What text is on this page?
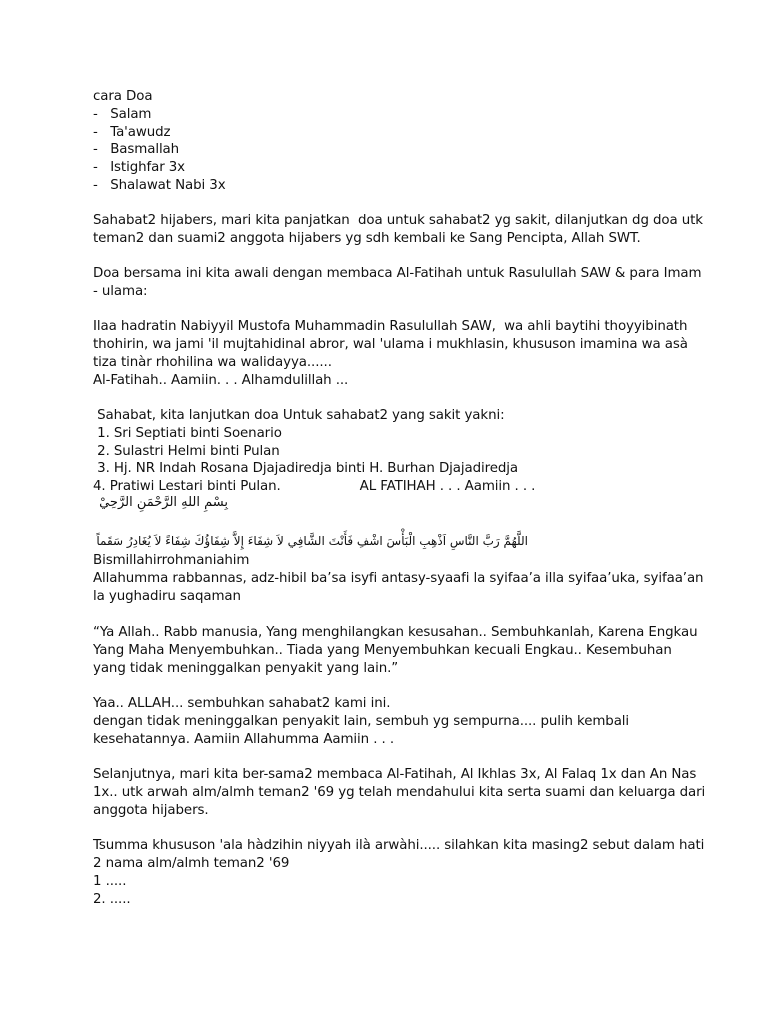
cara Doa
-   Salam
-   Ta'awudz
-   Basmallah
-   Istighfar 3x
-   Shalawat Nabi 3x
Sahabat2 hijabers, mari kita panjatkan  doa untuk sahabat2 yg sakit, dilanjutkan dg doa utk
teman2 dan suami2 anggota hijabers yg sdh kembali ke Sang Pencipta, Allah SWT.
Doa bersama ini kita awali dengan membaca Al-Fatihah untuk Rasulullah SAW & para Imam
- ulama:
Ilaa hadratin Nabiyyil Mustofa Muhammadin Rasulullah SAW,  wa ahli baytihi thoyyibinath
thohirin, wa jami 'il mujtahidinal abror, wal 'ulama i mukhlasin, khususon imamina wa asà
tiza tinàr rhohilina wa walidayya......
Al-Fatihah.. Aamiin. . . Alhamdulillah ...
Sahabat, kita lanjutkan doa Untuk sahabat2 yang sakit yakni:
1. Sri Septiati binti Soenario
2. Sulastri Helmi binti Pulan
3. Hj. NR Indah Rosana Djajadiredja binti H. Burhan Djajadiredja
4. Pratiwi Lestari binti Pulan.                   AL FATIHAH . . . Aamiin . . .
بِسْمِ اللهِ الرَّحْمَنِ الرَّحِيْ
اللَّهُمَّ رَبَّ النَّاسِ اَذْهِبِ الْبَأْسَ اشْفِ فَأَنْتَ الشَّافِي لاَ شِفَاءَ إِلاَّ شِفَاؤُكَ شِفَاءً لاَ يُغَادِرُ سَقَماً
Bismillahirrohmaniahim
Allahumma rabbannas, adz-hibil ba’sa isyfi antasy-syaafi la syifaa’a illa syifaa’uka, syifaa’an
la yughadiru saqaman
“Ya Allah.. Rabb manusia, Yang menghilangkan kesusahan.. Sembuhkanlah, Karena Engkau
Yang Maha Menyembuhkan.. Tiada yang Menyembuhkan kecuali Engkau.. Kesembuhan
yang tidak meninggalkan penyakit yang lain.”
Yaa.. ALLAH... sembuhkan sahabat2 kami ini.
dengan tidak meninggalkan penyakit lain, sembuh yg sempurna.... pulih kembali
kesehatannya. Aamiin Allahumma Aamiin . . .
Selanjutnya, mari kita ber-sama2 membaca Al-Fatihah, Al Ikhlas 3x, Al Falaq 1x dan An Nas
1x.. utk arwah alm/almh teman2 '69 yg telah mendahului kita serta suami dan keluarga dari
anggota hijabers.
Tsumma khususon 'ala hàdzihin niyyah ilà arwàhi..... silahkan kita masing2 sebut dalam hati
2 nama alm/almh teman2 '69
1 .....
2. .....
